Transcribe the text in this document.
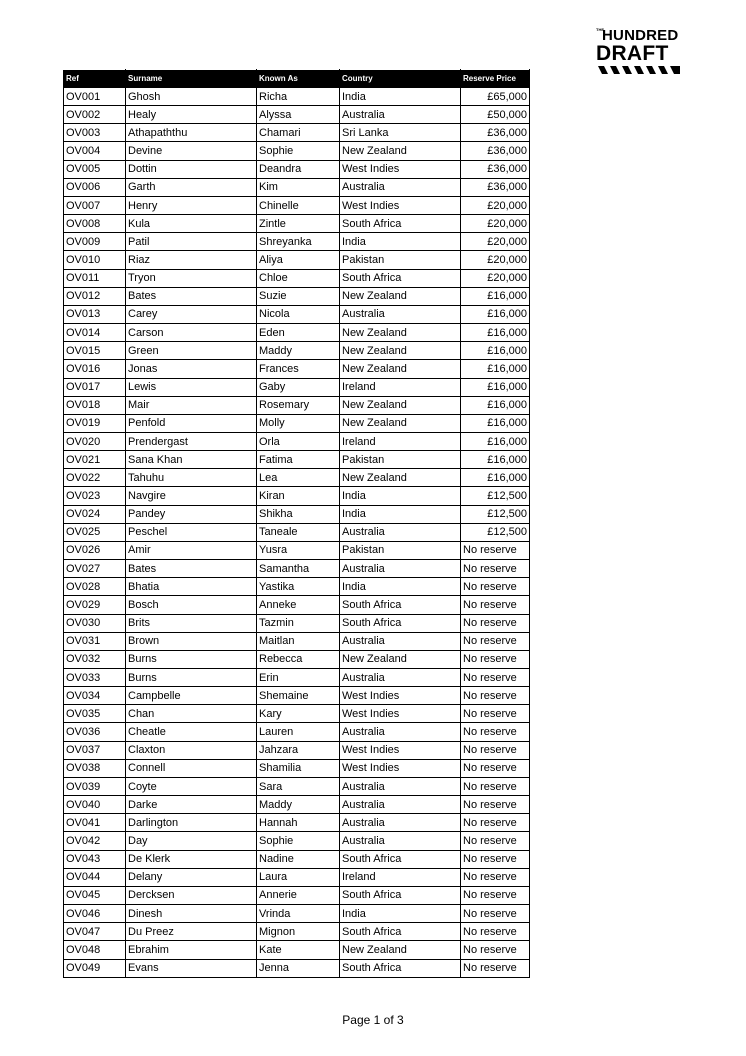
THEHUNDRED
DRAFT
Ref	Surname	Known As	Country	Reserve Price
OV001	Ghosh	Richa	India	£65,000
OV002	Healy	Alyssa	Australia	£50,000
OV003	Athapaththu	Chamari	Sri Lanka	£36,000
OV004	Devine	Sophie	New Zealand	£36,000
OV005	Dottin	Deandra	West Indies	£36,000
OV006	Garth	Kim	Australia	£36,000
OV007	Henry	Chinelle	West Indies	£20,000
OV008	Kula	Zintle	South Africa	£20,000
OV009	Patil	Shreyanka	India	£20,000
OV010	Riaz	Aliya	Pakistan	£20,000
OV011	Tryon	Chloe	South Africa	£20,000
OV012	Bates	Suzie	New Zealand	£16,000
OV013	Carey	Nicola	Australia	£16,000
OV014	Carson	Eden	New Zealand	£16,000
OV015	Green	Maddy	New Zealand	£16,000
OV016	Jonas	Frances	New Zealand	£16,000
OV017	Lewis	Gaby	Ireland	£16,000
OV018	Mair	Rosemary	New Zealand	£16,000
OV019	Penfold	Molly	New Zealand	£16,000
OV020	Prendergast	Orla	Ireland	£16,000
OV021	Sana Khan	Fatima	Pakistan	£16,000
OV022	Tahuhu	Lea	New Zealand	£16,000
OV023	Navgire	Kiran	India	£12,500
OV024	Pandey	Shikha	India	£12,500
OV025	Peschel	Taneale	Australia	£12,500
OV026	Amir	Yusra	Pakistan	No reserve
OV027	Bates	Samantha	Australia	No reserve
OV028	Bhatia	Yastika	India	No reserve
OV029	Bosch	Anneke	South Africa	No reserve
OV030	Brits	Tazmin	South Africa	No reserve
OV031	Brown	Maitlan	Australia	No reserve
OV032	Burns	Rebecca	New Zealand	No reserve
OV033	Burns	Erin	Australia	No reserve
OV034	Campbelle	Shemaine	West Indies	No reserve
OV035	Chan	Kary	West Indies	No reserve
OV036	Cheatle	Lauren	Australia	No reserve
OV037	Claxton	Jahzara	West Indies	No reserve
OV038	Connell	Shamilia	West Indies	No reserve
OV039	Coyte	Sara	Australia	No reserve
OV040	Darke	Maddy	Australia	No reserve
OV041	Darlington	Hannah	Australia	No reserve
OV042	Day	Sophie	Australia	No reserve
OV043	De Klerk	Nadine	South Africa	No reserve
OV044	Delany	Laura	Ireland	No reserve
OV045	Dercksen	Annerie	South Africa	No reserve
OV046	Dinesh	Vrinda	India	No reserve
OV047	Du Preez	Mignon	South Africa	No reserve
OV048	Ebrahim	Kate	New Zealand	No reserve
OV049	Evans	Jenna	South Africa	No reserve
Page 1 of 3
